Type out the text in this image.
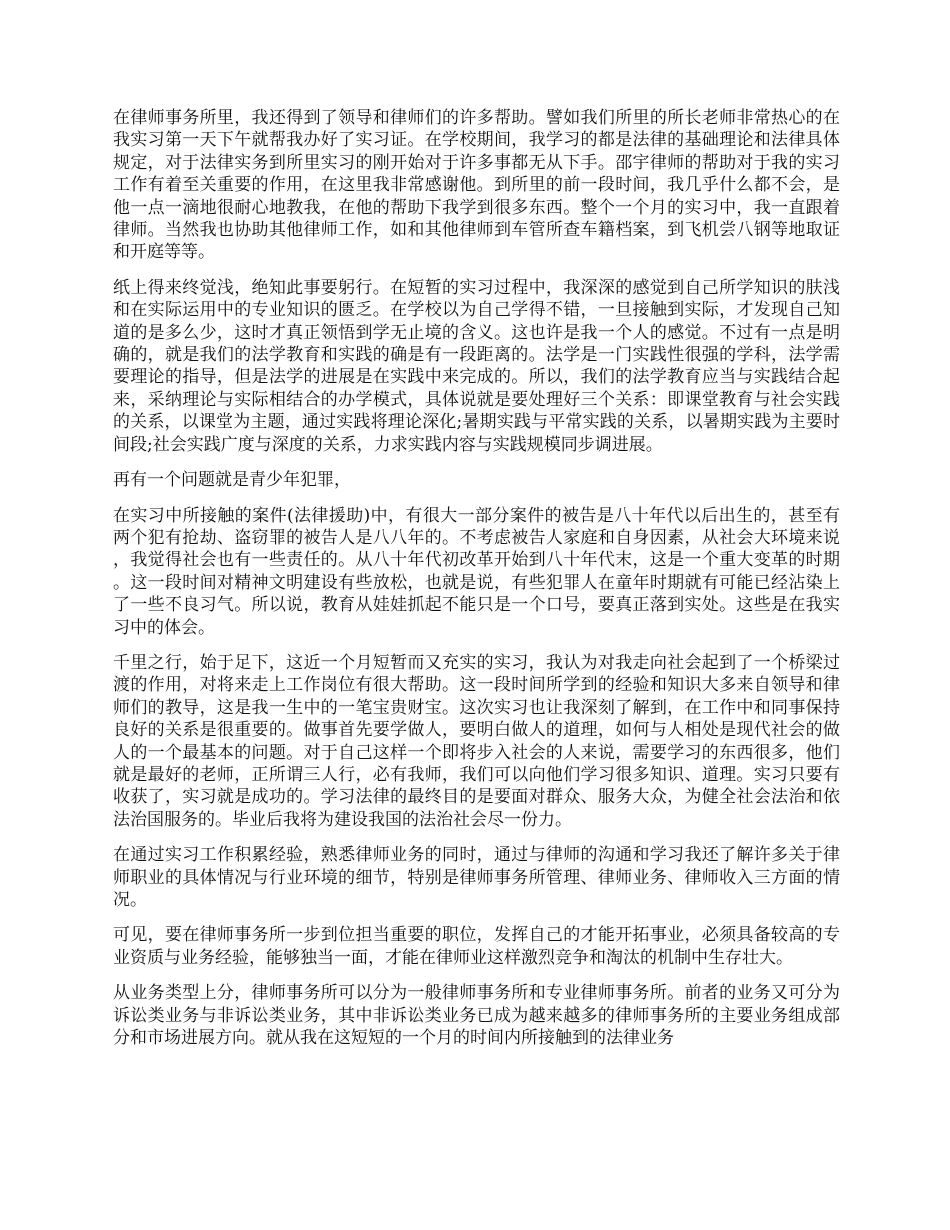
在律师事务所里，我还得到了领导和律师们的许多帮助。譬如我们所里的所长老师非常热心的在我实习第一天下午就帮我办好了实习证。在学校期间，我学习的都是法律的基础理论和法律具体规定，对于法律实务到所里实习的刚开始对于许多事都无从下手。邵宇律师的帮助对于我的实习工作有着至关重要的作用，在这里我非常感谢他。到所里的前一段时间，我几乎什么都不会，是他一点一滴地很耐心地教我，在他的帮助下我学到很多东西。整个一个月的实习中，我一直跟着律师。当然我也协助其他律师工作，如和其他律师到车管所查车籍档案，到飞机尝八钢等地取证和开庭等等。

纸上得来终觉浅，绝知此事要躬行。在短暂的实习过程中，我深深的感觉到自己所学知识的肤浅和在实际运用中的专业知识的匮乏。在学校以为自己学得不错，一旦接触到实际，才发现自己知道的是多么少，这时才真正领悟到学无止境的含义。这也许是我一个人的感觉。不过有一点是明确的，就是我们的法学教育和实践的确是有一段距离的。法学是一门实践性很强的学科，法学需要理论的指导，但是法学的进展是在实践中来完成的。所以，我们的法学教育应当与实践结合起来，采纳理论与实际相结合的办学模式，具体说就是要处理好三个关系：即课堂教育与社会实践的关系，以课堂为主题，通过实践将理论深化;暑期实践与平常实践的关系，以暑期实践为主要时间段;社会实践广度与深度的关系，力求实践内容与实践规模同步调进展。

再有一个问题就是青少年犯罪，

在实习中所接触的案件(法律援助)中，有很大一部分案件的被告是八十年代以后出生的，甚至有两个犯有抢劫、盗窃罪的被告人是八八年的。不考虑被告人家庭和自身因素，从社会大环境来说，我觉得社会也有一些责任的。从八十年代初改革开始到八十年代末，这是一个重大变革的时期。这一段时间对精神文明建设有些放松，也就是说，有些犯罪人在童年时期就有可能已经沾染上了一些不良习气。所以说，教育从娃娃抓起不能只是一个口号，要真正落到实处。这些是在我实习中的体会。

千里之行，始于足下，这近一个月短暂而又充实的实习，我认为对我走向社会起到了一个桥梁过渡的作用，对将来走上工作岗位有很大帮助。这一段时间所学到的经验和知识大多来自领导和律师们的教导，这是我一生中的一笔宝贵财宝。这次实习也让我深刻了解到，在工作中和同事保持良好的关系是很重要的。做事首先要学做人，要明白做人的道理，如何与人相处是现代社会的做人的一个最基本的问题。对于自己这样一个即将步入社会的人来说，需要学习的东西很多，他们就是最好的老师，正所谓三人行，必有我师，我们可以向他们学习很多知识、道理。实习只要有收获了，实习就是成功的。学习法律的最终目的是要面对群众、服务大众，为健全社会法治和依法治国服务的。毕业后我将为建设我国的法治社会尽一份力。

在通过实习工作积累经验，熟悉律师业务的同时，通过与律师的沟通和学习我还了解许多关于律师职业的具体情况与行业环境的细节，特别是律师事务所管理、律师业务、律师收入三方面的情况。

可见，要在律师事务所一步到位担当重要的职位，发挥自己的才能开拓事业，必须具备较高的专业资质与业务经验，能够独当一面，才能在律师业这样激烈竞争和淘汰的机制中生存壮大。

从业务类型上分，律师事务所可以分为一般律师事务所和专业律师事务所。前者的业务又可分为诉讼类业务与非诉讼类业务，其中非诉讼类业务已成为越来越多的律师事务所的主要业务组成部分和市场进展方向。就从我在这短短的一个月的时间内所接触到的法律业务
